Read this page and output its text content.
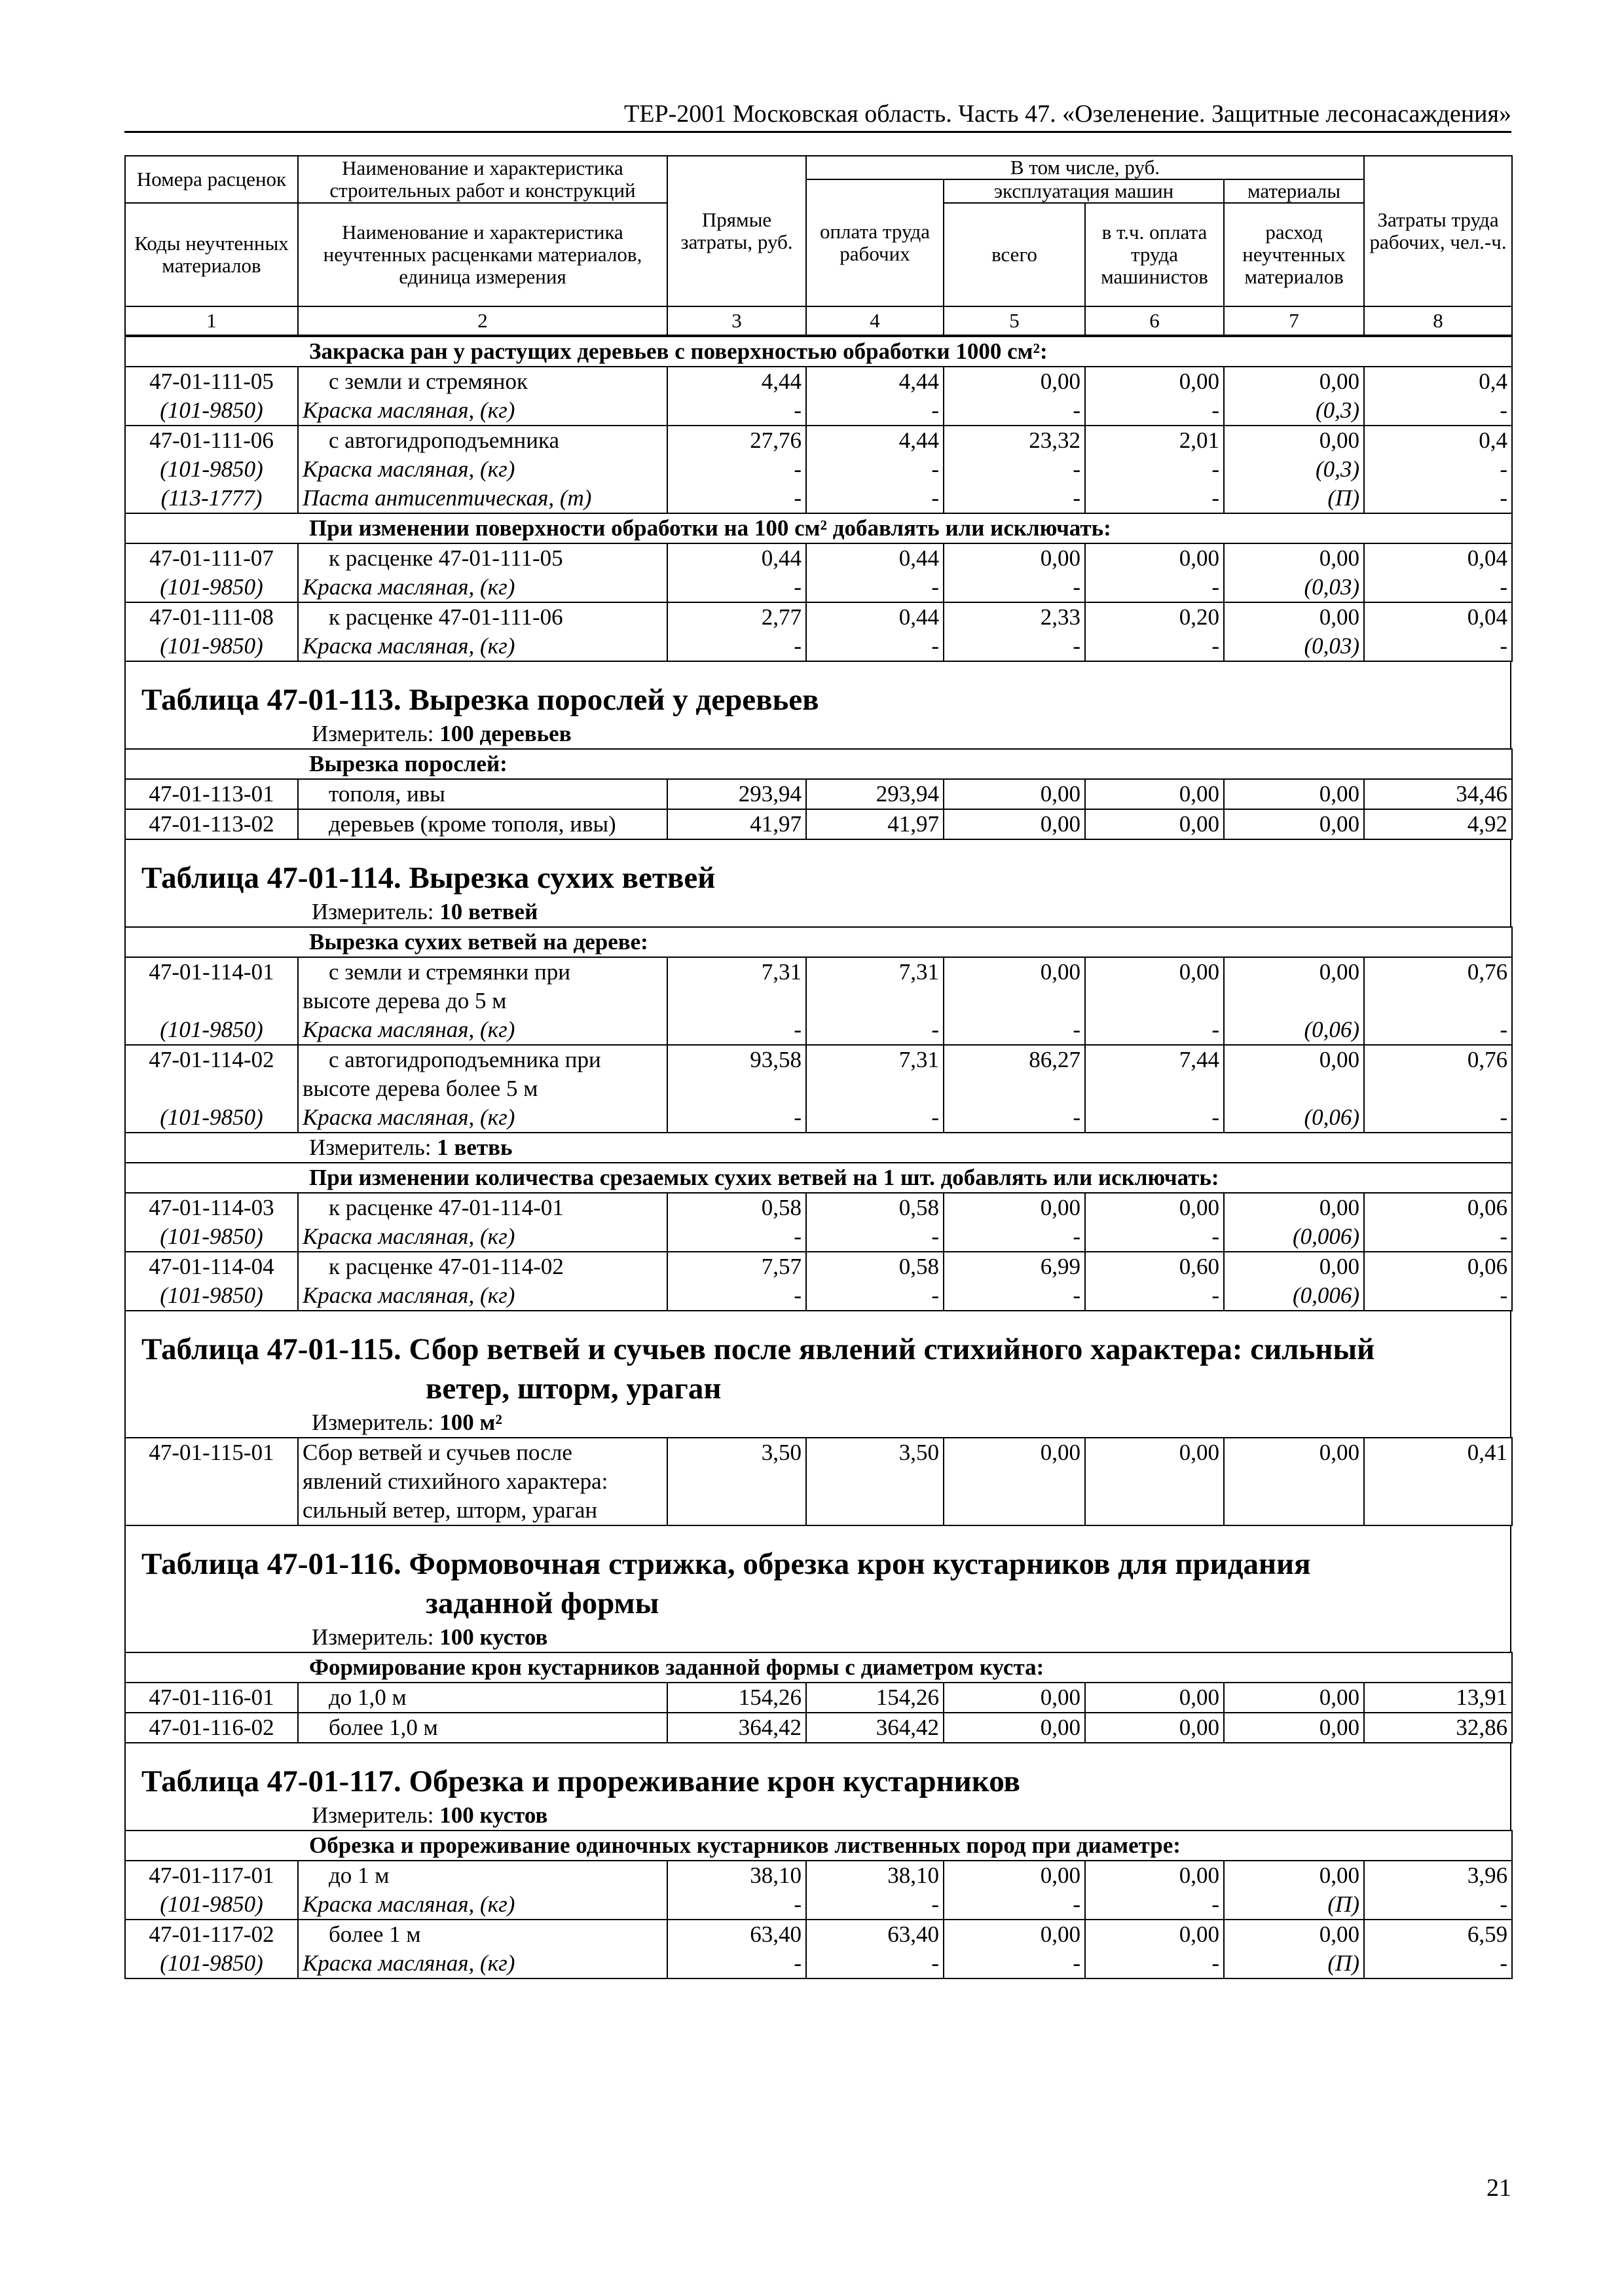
ТЕР-2001 Московская область. Часть 47. «Озеленение. Защитные лесонасаждения»
Номера расценок	Наименование и характеристика строительных работ и конструкций	Прямые затраты, руб.	В том числе, руб.				Затраты труда рабочих, чел.-ч.
			оплата труда рабочих	эксплуатация машин		материалы	
Коды неучтенных материалов	Наименование и характеристика неучтенных расценками материалов, единица измерения			всего	в т.ч. оплата труда машинистов	расход неучтенных материалов	
1	2	3	4	5	6	7	8
Закраска ран у растущих деревьев с поверхностью обработки 1000 см²:							
47-01-111-05	с земли и стремянок	4,44	4,44	0,00	0,00	0,00	0,4
(101-9850)	Краска масляная, (кг)	-	-	-	-	(0,3)	-
47-01-111-06	с автогидроподъемника	27,76	4,44	23,32	2,01	0,00	0,4
(101-9850)	Краска масляная, (кг)	-	-	-	-	(0,3)	-
(113-1777)	Паста антисептическая, (т)	-	-	-	-	(П)	-
При изменении поверхности обработки на 100 см² добавлять или исключать:							
47-01-111-07	к расценке 47-01-111-05	0,44	0,44	0,00	0,00	0,00	0,04
(101-9850)	Краска масляная, (кг)	-	-	-	-	(0,03)	-
47-01-111-08	к расценке 47-01-111-06	2,77	0,44	2,33	0,20	0,00	0,04
(101-9850)	Краска масляная, (кг)	-	-	-	-	(0,03)	-
Таблица 47-01-113. Вырезка порослей у деревьев
Измеритель: 100 деревьев
Вырезка порослей:							
47-01-113-01	тополя, ивы	293,94	293,94	0,00	0,00	0,00	34,46
47-01-113-02	деревьев (кроме тополя, ивы)	41,97	41,97	0,00	0,00	0,00	4,92
Таблица 47-01-114. Вырезка сухих ветвей
Измеритель: 10 ветвей
Вырезка сухих ветвей на дереве:							
47-01-114-01	с земли и стремянки при
высоте дерева до 5 м	7,31	7,31	0,00	0,00	0,00	0,76
(101-9850)	Краска масляная, (кг)	-	-	-	-	(0,06)	-
47-01-114-02	с автогидроподъемника при
высоте дерева более 5 м	93,58	7,31	86,27	7,44	0,00	0,76
(101-9850)	Краска масляная, (кг)	-	-	-	-	(0,06)	-
Измеритель: 1 ветвь							
При изменении количества срезаемых сухих ветвей на 1 шт. добавлять или исключать:							
47-01-114-03	к расценке 47-01-114-01	0,58	0,58	0,00	0,00	0,00	0,06
(101-9850)	Краска масляная, (кг)	-	-	-	-	(0,006)	-
47-01-114-04	к расценке 47-01-114-02	7,57	0,58	6,99	0,60	0,00	0,06
(101-9850)	Краска масляная, (кг)	-	-	-	-	(0,006)	-
Таблица 47-01-115. Сбор ветвей и сучьев после явлений стихийного характера: сильный
ветер, шторм, ураган
Измеритель: 100 м²
47-01-115-01	Сбор ветвей и сучьев после
явлений стихийного характера:
сильный ветер, шторм, ураган
	3,50	3,50	0,00	0,00	0,00	0,41
Таблица 47-01-116. Формовочная стрижка, обрезка крон кустарников для придания
заданной формы
Измеритель: 100 кустов
Формирование крон кустарников заданной формы с диаметром куста:							
47-01-116-01	до 1,0 м	154,26	154,26	0,00	0,00	0,00	13,91
47-01-116-02	более 1,0 м	364,42	364,42	0,00	0,00	0,00	32,86
Таблица 47-01-117. Обрезка и прореживание крон кустарников
Измеритель: 100 кустов
Обрезка и прореживание одиночных кустарников лиственных пород при диаметре:							
47-01-117-01	до 1 м	38,10	38,10	0,00	0,00	0,00	3,96
(101-9850)	Краска масляная, (кг)	-	-	-	-	(П)	-
47-01-117-02	более 1 м	63,40	63,40	0,00	0,00	0,00	6,59
(101-9850)	Краска масляная, (кг)	-	-	-	-	(П)	-
21
